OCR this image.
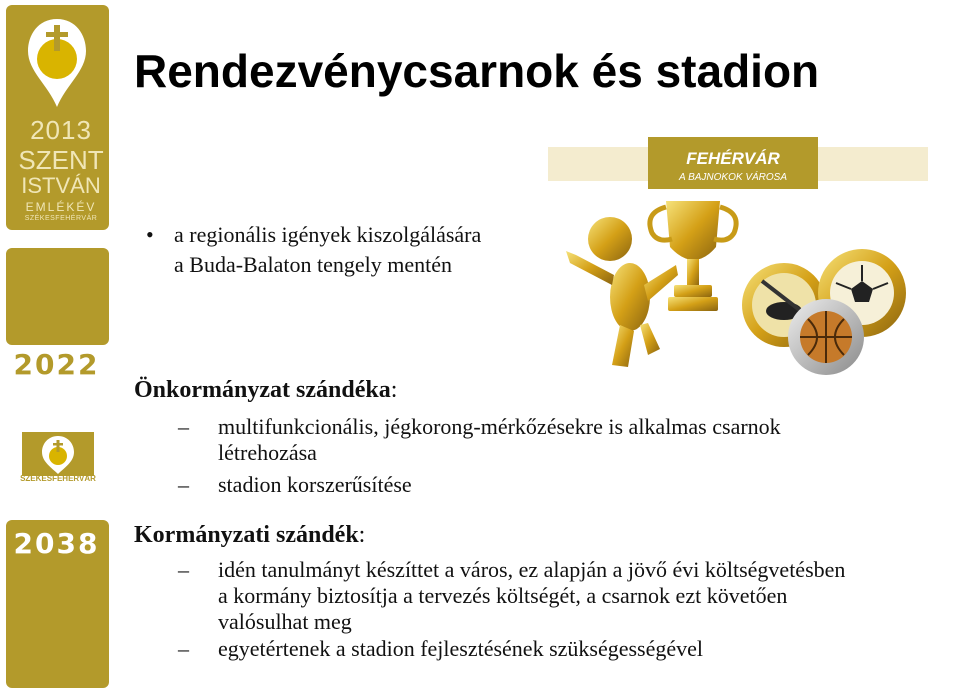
2013
SZENT
ISTVÁN
EMLÉKÉV
SZÉKESFEHÉRVÁR
2022
SZÉKESFEHÉRVÁR
2038
Rendezvénycsarnok és stadion
• a regionális igények kiszolgálására
a Buda-Balaton tengely mentén
FEHÉRVÁR
A BAJNOKOK VÁROSA
Önkormányzat szándéka:
– multifunkcionális, jégkorong-mérkőzésekre is alkalmas csarnok
létrehozása
– stadion korszerűsítése
Kormányzati szándék:
– idén tanulmányt készíttet a város, ez alapján a jövő évi költségvetésben
a kormány biztosítja a tervezés költségét, a csarnok ezt követően
valósulhat meg
– egyetértenek a stadion fejlesztésének szükségességével
